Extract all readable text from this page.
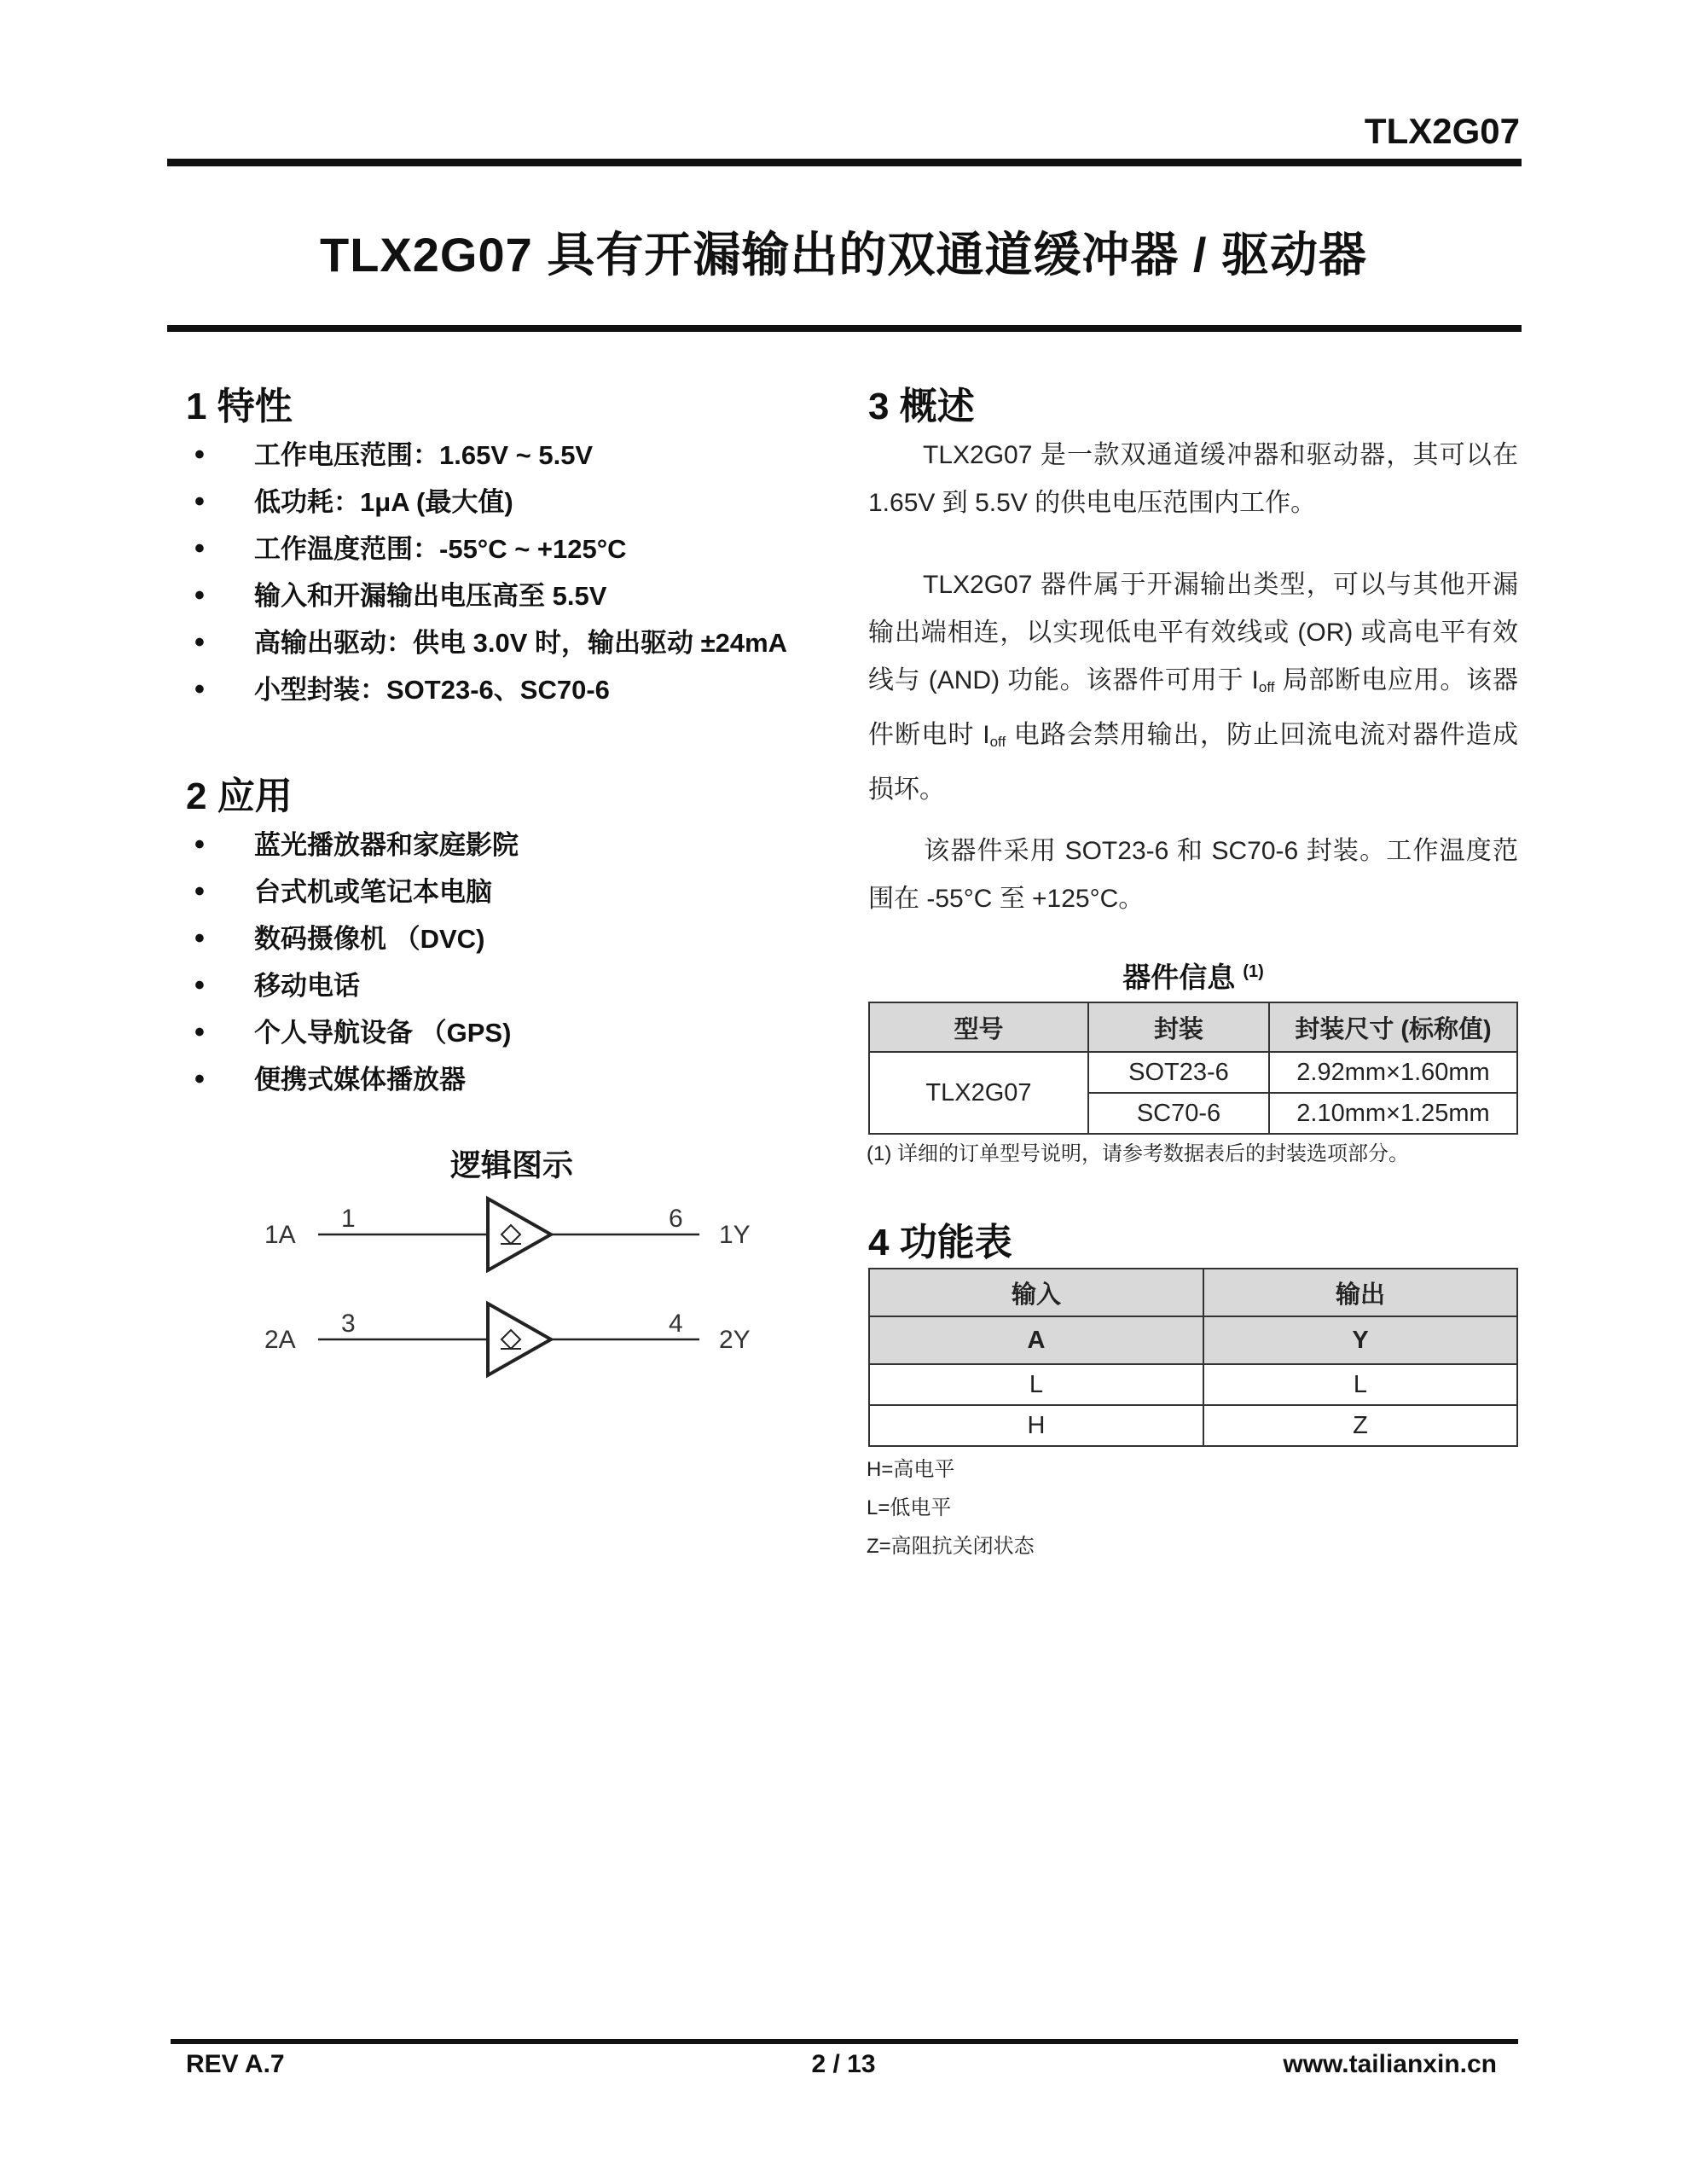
TLX2G07
TLX2G07 具有开漏输出的双通道缓冲器 / 驱动器
1 特性
• 工作电压范围：1.65V ~ 5.5V
• 低功耗：1μA (最大值)
• 工作温度范围：-55°C ~ +125°C
• 输入和开漏输出电压高至 5.5V
• 高输出驱动：供电 3.0V 时，输出驱动 ±24mA
• 小型封装：SOT23-6、SC70-6
2 应用
• 蓝光播放器和家庭影院
• 台式机或笔记本电脑
• 数码摄像机 （DVC)
• 移动电话
• 个人导航设备 （GPS)
• 便携式媒体播放器
逻辑图示
1A
1	6
1Y
2A
3	4
2Y
3 概述
TLX2G07 是一款双通道缓冲器和驱动器，其可以在 1.65V 到 5.5V 的供电电压范围内工作。
TLX2G07 器件属于开漏输出类型，可以与其他开漏输出端相连，以实现低电平有效线或 (OR) 或高电平有效线与 (AND) 功能。该器件可用于 $I_{off}$ 局部断电应用。该器件断电时 $I_{off}$ 电路会禁用输出，防止回流电流对器件造成损坏。
该器件采用 SOT23-6 和 SC70-6 封装。工作温度范围在 -55°C 至 +125°C。
器件信息 $^{(1)}$
型号	封装	封装尺寸 (标称值)
TLX2G07	SOT23-6	2.92mm×1.60mm
	SC70-6	2.10mm×1.25mm
(1) 详细的订单型号说明，请参考数据表后的封装选项部分。
4 功能表
输入	输出
A	Y
L	L
H	Z
H=高电平
L=低电平
Z=高阻抗关闭状态
REV A.7	2 / 13	www.tailianxin.cn
